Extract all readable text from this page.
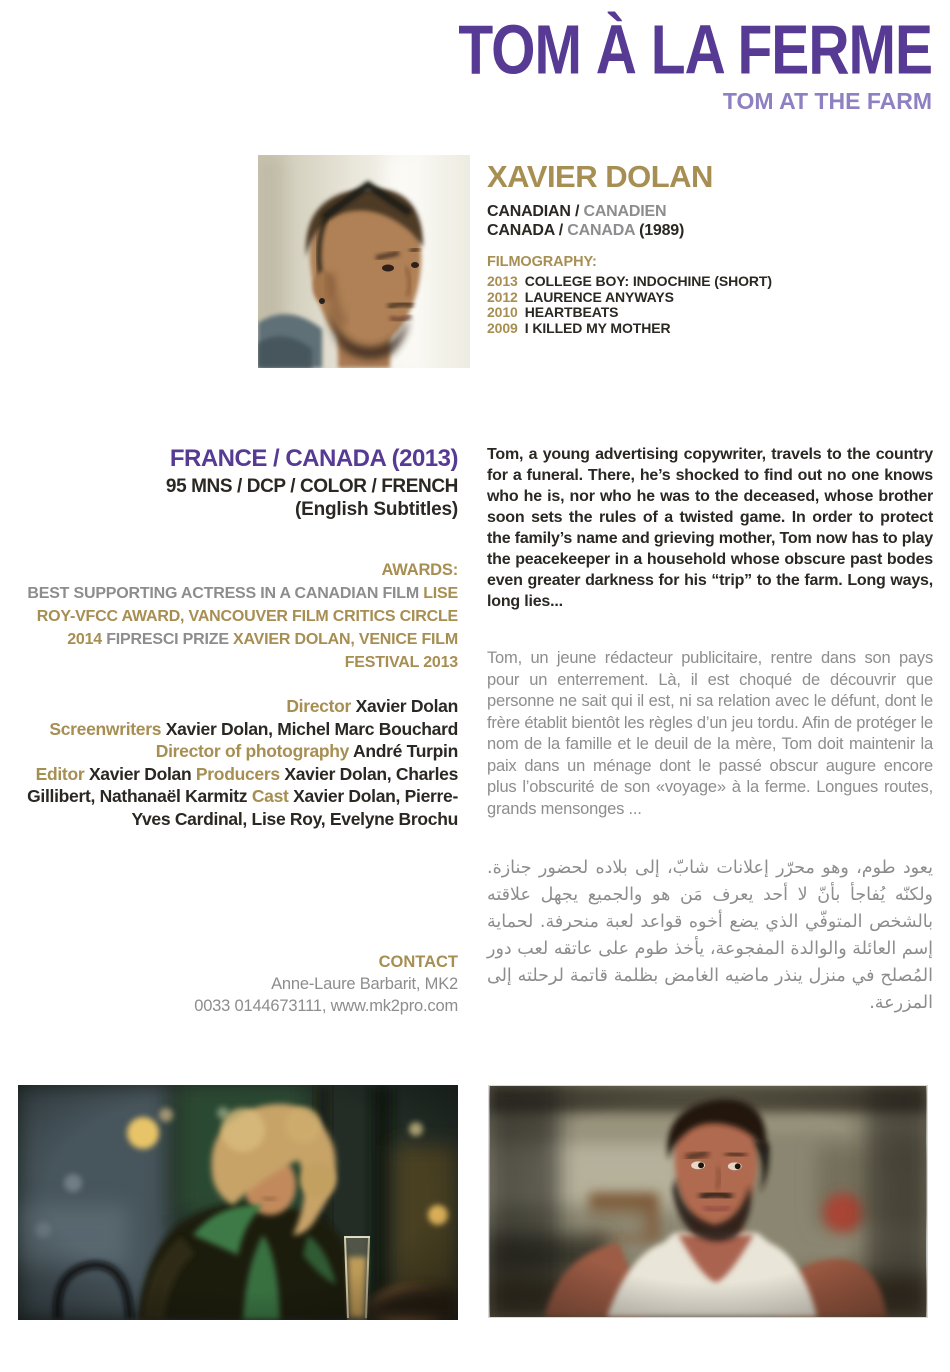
TOM À LA FERME
TOM AT THE FARM
XAVIER DOLAN
CANADIAN / CANADIEN
CANADA / CANADA (1989)
FILMOGRAPHY:
2013 COLLEGE BOY: INDOCHINE (SHORT)
2012 LAURENCE ANYWAYS
2010 HEARTBEATS
2009 I KILLED MY MOTHER
FRANCE / CANADA (2013)
95 MNS / DCP / COLOR / FRENCH
(English Subtitles)
AWARDS:
BEST SUPPORTING ACTRESS IN A CANADIAN FILM LISE ROY-VFCC AWARD, VANCOUVER FILM CRITICS CIRCLE 2014 FIPRESCI PRIZE XAVIER DOLAN, VENICE FILM FESTIVAL 2013
Director Xavier Dolan
Screenwriters Xavier Dolan, Michel Marc Bouchard
Director of photography André Turpin
Editor Xavier Dolan Producers Xavier Dolan, Charles Gillibert, Nathanaël Karmitz Cast Xavier Dolan, Pierre-Yves Cardinal, Lise Roy, Evelyne Brochu
CONTACT
Anne-Laure Barbarit, MK2
0033 0144673111, www.mk2pro.com

Tom, a young advertising copywriter, travels to the country for a funeral. There, he’s shocked to find out no one knows who he is, nor who he was to the deceased, whose brother soon sets the rules of a twisted game. In order to protect the family’s name and grieving mother, Tom now has to play the peacekeeper in a household whose obscure past bodes even greater darkness for his “trip” to the farm. Long ways, long lies...

Tom, un jeune rédacteur publicitaire, rentre dans son pays pour un enterrement. Là, il est choqué de découvrir que personne ne sait qui il est, ni sa relation avec le défunt, dont le frère établit bientôt les règles d’un jeu tordu. Afin de protéger le nom de la famille et le deuil de la mère, Tom doit maintenir la paix dans un ménage dont le passé obscur augure encore plus l’obscurité de son «voyage» à la ferme. Longues routes, grands mensonges ...

يعود طوم، وهو محرّر إعلانات شابّ، إلى بلاده لحضور جنازة. ولكنّه يُفاجأ بأنّ لا أحد يعرف مَن هو والجميع يجهل علاقته بالشخص المتوفّي الذي يضع أخوه قواعد لعبة منحرفة. لحماية إسم العائلة والوالدة المفجوعة، يأخذ طوم على عاتقه لعب دور المُصلح في منزل ينذر ماضيه الغامض بظلمة قاتمة لرحلته إلى المزرعة.
